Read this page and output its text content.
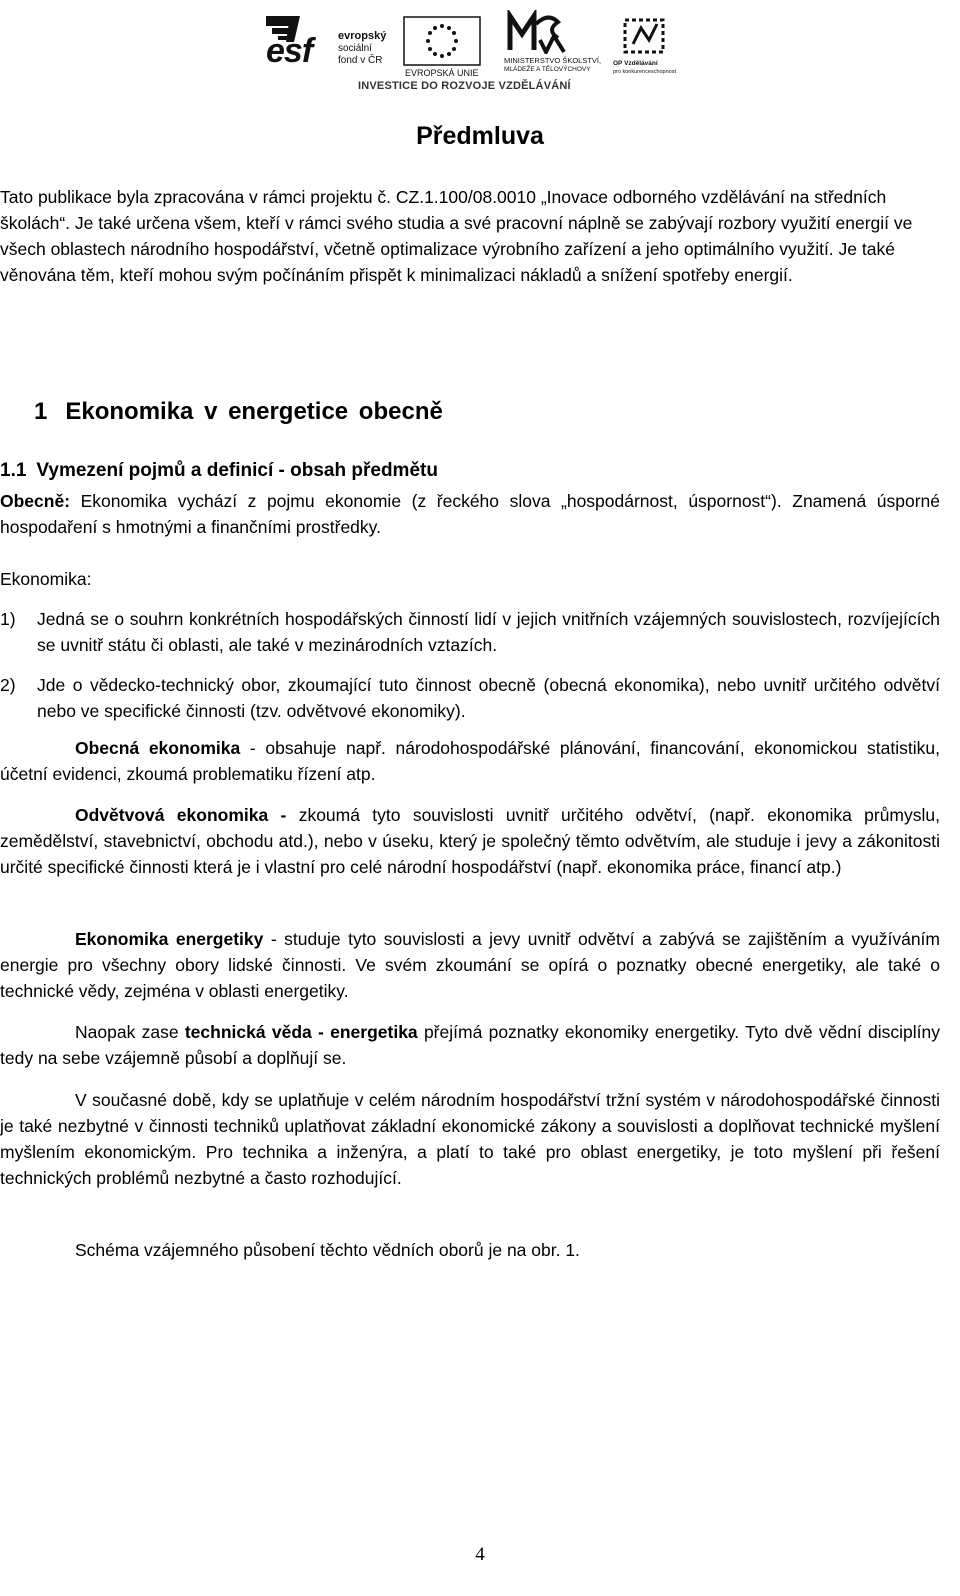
esf evropský
sociální
fond v ČR
EVROPSKÁ UNIE
MINISTERSTVO ŠKOLSTVÍ,
MLÁDEŽE A TĚLOVÝCHOVY
OP Vzdělávání
pro konkurenceschopnost
INVESTICE DO ROZVOJE VZDĚLÁVÁNÍ
Předmluva

Tato publikace byla zpracována v rámci projektu č. CZ.1.100/08.0010 „Inovace odborného vzdělávání na středních školách“. Je také určena všem, kteří v rámci svého studia a své pracovní náplně se zabývají rozbory využití energií ve všech oblastech národního hospodářství, včetně optimalizace výrobního zařízení a jeho optimálního využití. Je také věnována těm, kteří mohou svým počínáním přispět k minimalizaci nákladů a snížení spotřeby energií.

1 Ekonomika v energetice obecně
1.1 Vymezení pojmů a definicí - obsah předmětu

Obecně: Ekonomika vychází z pojmu ekonomie (z řeckého slova „hospodárnost, úspornost“). Znamená úsporné hospodaření s hmotnými a finančními prostředky.

Ekonomika:

1) Jedná se o souhrn konkrétních hospodářských činností lidí v jejich vnitřních vzájemných souvislostech, rozvíjejících se uvnitř státu či oblasti, ale také v mezinárodních vztazích.
2) Jde o vědecko-technický obor, zkoumající tuto činnost obecně (obecná ekonomika), nebo uvnitř určitého odvětví nebo ve specifické činnosti (tzv. odvětvové ekonomiky).

Obecná ekonomika - obsahuje např. národohospodářské plánování, financování, ekonomickou statistiku, účetní evidenci, zkoumá problematiku řízení atp.

Odvětvová ekonomika - zkoumá tyto souvislosti uvnitř určitého odvětví, (např. ekonomika průmyslu, zemědělství, stavebnictví, obchodu atd.), nebo v úseku, který je společný těmto odvětvím, ale studuje i jevy a zákonitosti určité specifické činnosti která je i vlastní pro celé národní hospodářství (např. ekonomika práce, financí atp.)

Ekonomika energetiky - studuje tyto souvislosti a jevy uvnitř odvětví a zabývá se zajištěním a využíváním energie pro všechny obory lidské činnosti. Ve svém zkoumání se opírá o poznatky obecné energetiky, ale také o technické vědy, zejména v oblasti energetiky.

Naopak zase technická věda - energetika přejímá poznatky ekonomiky energetiky. Tyto dvě vědní disciplíny tedy na sebe vzájemně působí a doplňují se.

V současné době, kdy se uplatňuje v celém národním hospodářství tržní systém v národohospodářské činnosti je také nezbytné v činnosti techniků uplatňovat základní ekonomické zákony a souvislosti a doplňovat technické myšlení myšlením ekonomickým. Pro technika a inženýra, a platí to také pro oblast energetiky, je toto myšlení při řešení technických problémů nezbytné a často rozhodující.

Schéma vzájemného působení těchto vědních oborů je na obr. 1.

4
